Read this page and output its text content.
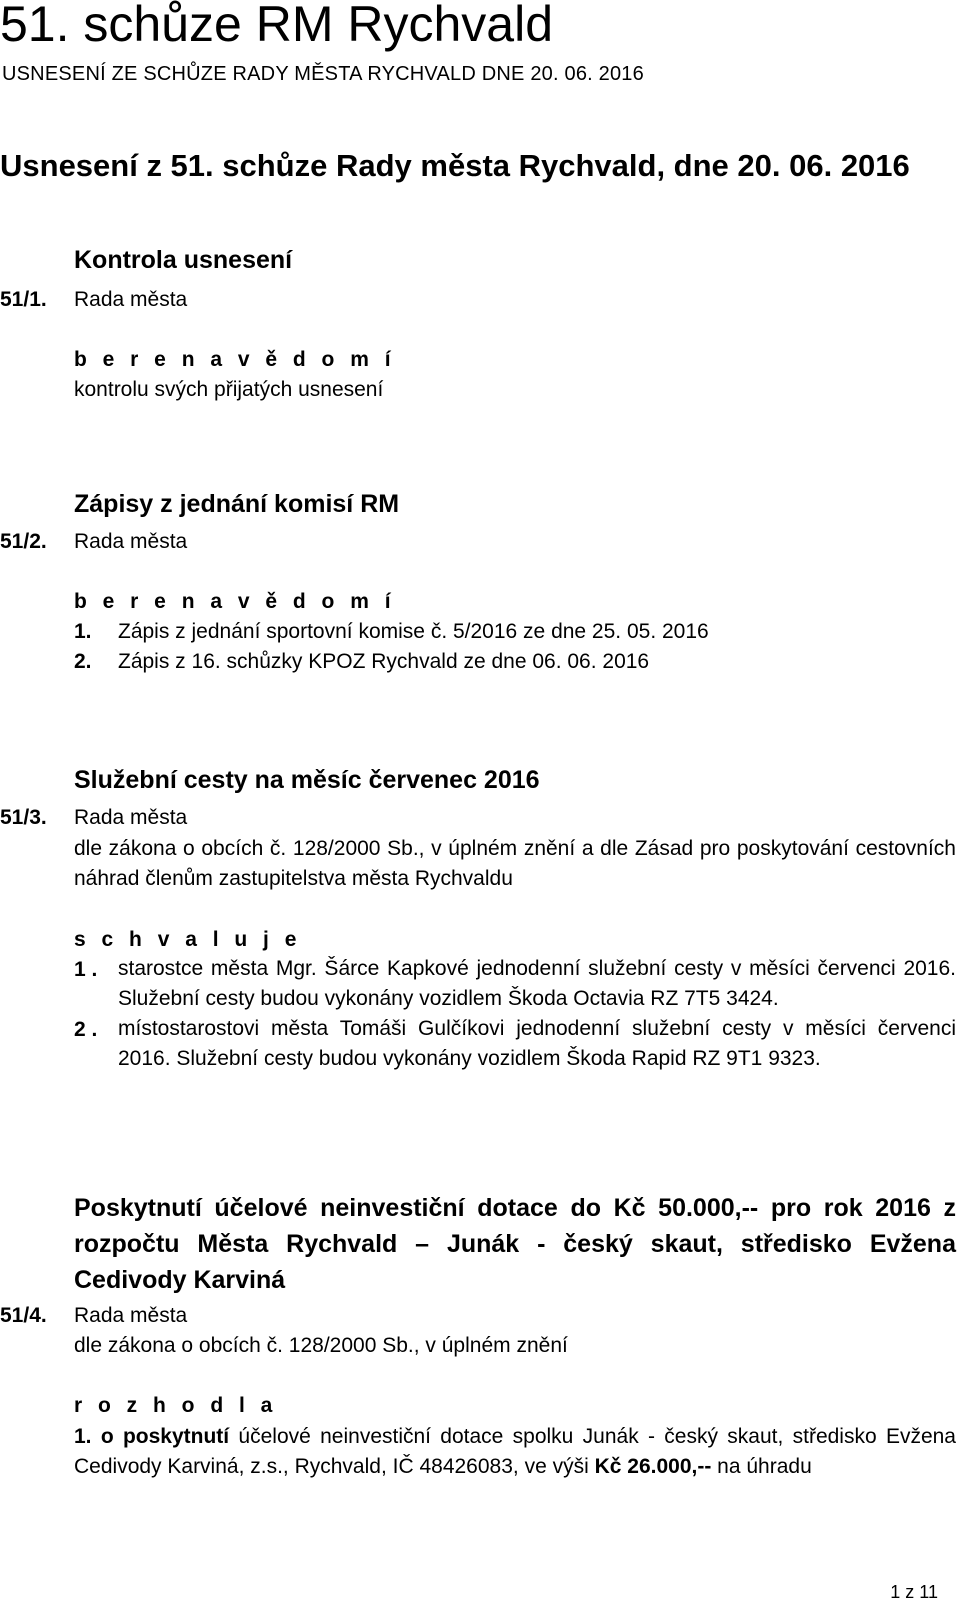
51. schůze RM Rychvald
USNESENÍ ZE SCHŮZE RADY MĚSTA RYCHVALD DNE 20. 06. 2016
Usnesení z 51. schůze Rady města Rychvald, dne 20. 06. 2016
Kontrola usnesení
51/1. Rada města
b e r e n a v ě d o m í
kontrolu svých přijatých usnesení
Zápisy z jednání komisí RM
51/2. Rada města
b e r e n a v ě d o m í
1. Zápis z jednání sportovní komise č. 5/2016 ze dne 25. 05. 2016
2. Zápis z 16. schůzky KPOZ Rychvald ze dne 06. 06. 2016
Služební cesty na měsíc červenec 2016
51/3. Rada města
dle zákona o obcích č. 128/2000 Sb., v úplném znění a dle Zásad pro poskytování cestovních náhrad členům zastupitelstva města Rychvaldu
s c h v a l u j e
1 . starostce města Mgr. Šárce Kapkové jednodenní služební cesty v měsíci červenci 2016. Služební cesty budou vykonány vozidlem Škoda Octavia RZ 7T5 3424.
2 . místostarostovi města Tomáši Gulčíkovi jednodenní služební cesty v měsíci červenci 2016. Služební cesty budou vykonány vozidlem Škoda Rapid RZ 9T1 9323.
Poskytnutí účelové neinvestiční dotace do Kč 50.000,-- pro rok 2016 z rozpočtu Města Rychvald – Junák - český skaut, středisko Evžena Cedivody Karviná
51/4. Rada města
dle zákona o obcích č. 128/2000 Sb., v úplném znění
r o z h o d l a
1. o poskytnutí účelové neinvestiční dotace spolku Junák - český skaut, středisko Evžena Cedivody Karviná, z.s., Rychvald, IČ 48426083, ve výši Kč 26.000,-- na úhradu
1 z 11
